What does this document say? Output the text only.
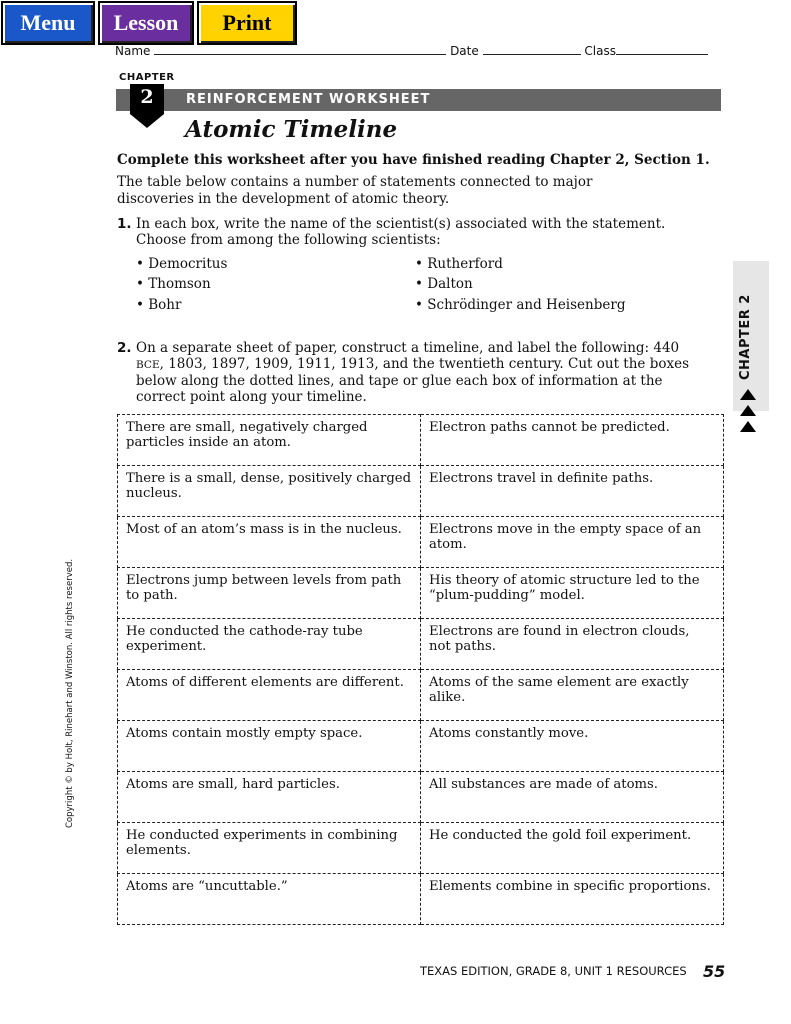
Menu	Lesson	Print
Name	Date	Class
CHAPTER
2	REINFORCEMENT WORKSHEET
Atomic Timeline
Complete this worksheet after you have finished reading Chapter 2, Section 1.
The table below contains a number of statements connected to major discoveries in the development of atomic theory.
1. In each box, write the name of the scientist(s) associated with the statement. Choose from among the following scientists:
• Democritus	• Rutherford
• Thomson	• Dalton
• Bohr	• Schrödinger and Heisenberg
2. On a separate sheet of paper, construct a timeline, and label the following: 440 BCE, 1803, 1897, 1909, 1911, 1913, and the twentieth century. Cut out the boxes below along the dotted lines, and tape or glue each box of information at the correct point along your timeline.
CHAPTER 2
There are small, negatively charged particles inside an atom.	Electron paths cannot be predicted.
There is a small, dense, positively charged nucleus.	Electrons travel in definite paths.
Most of an atom’s mass is in the nucleus.	Electrons move in the empty space of an atom.
Electrons jump between levels from path to path.	His theory of atomic structure led to the “plum-pudding” model.
He conducted the cathode-ray tube experiment.	Electrons are found in electron clouds, not paths.
Atoms of different elements are different.	Atoms of the same element are exactly alike.
Atoms contain mostly empty space.	Atoms constantly move.
Atoms are small, hard particles.	All substances are made of atoms.
He conducted experiments in combining elements.	He conducted the gold foil experiment.
Atoms are “uncuttable.”	Elements combine in specific proportions.
Copyright © by Holt, Rinehart and Winston. All rights reserved.
TEXAS EDITION, GRADE 8, UNIT 1 RESOURCES 55
